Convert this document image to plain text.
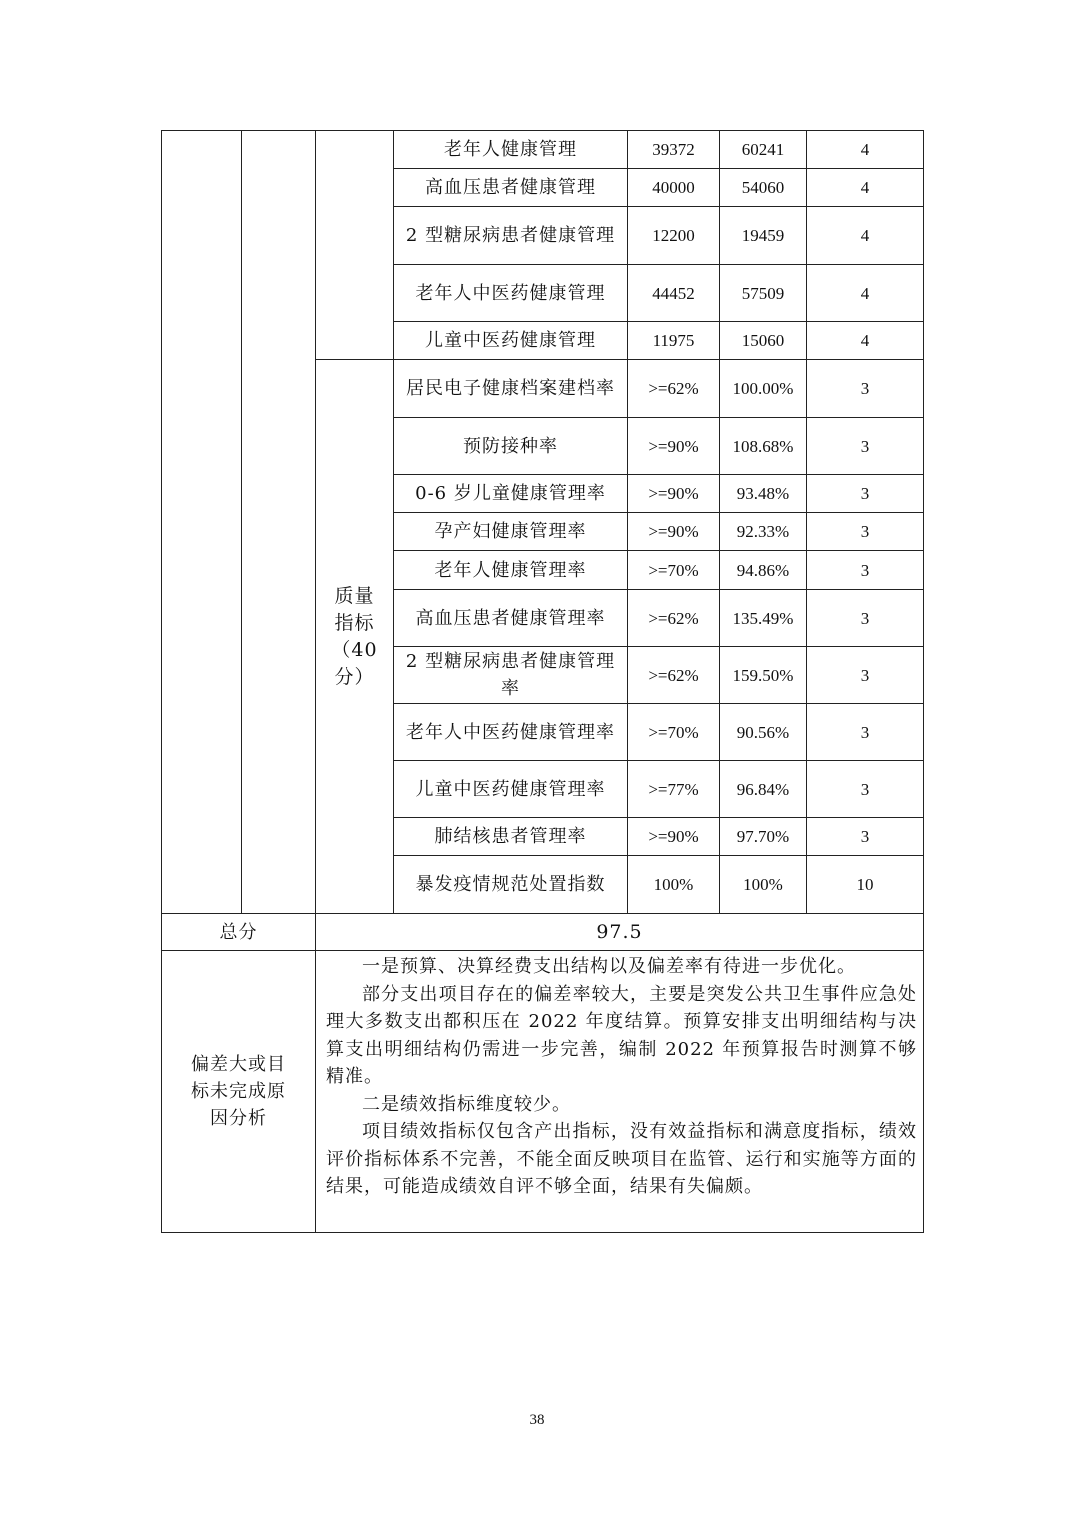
			老年人健康管理	39372	60241	4
			高血压患者健康管理	40000	54060	4
			2 型糖尿病患者健康管理	12200	19459	4
			老年人中医药健康管理	44452	57509	4
			儿童中医药健康管理	11975	15060	4
		质量指标（40分）	居民电子健康档案建档率	>=62%	100.00%	3
			预防接种率	>=90%	108.68%	3
			0-6 岁儿童健康管理率	>=90%	93.48%	3
			孕产妇健康管理率	>=90%	92.33%	3
			老年人健康管理率	>=70%	94.86%	3
			高血压患者健康管理率	>=62%	135.49%	3
			2 型糖尿病患者健康管理率	>=62%	159.50%	3
			老年人中医药健康管理率	>=70%	90.56%	3
			儿童中医药健康管理率	>=77%	96.84%	3
			肺结核患者管理率	>=90%	97.70%	3
			暴发疫情规范处置指数	100%	100%	10
总分		97.5				
偏差大或目标未完成原因分析		一是预算、决算经费支出结构以及偏差率有待进一步优化。

部分支出项目存在的偏差率较大，主要是突发公共卫生事件应急处理大多数支出都积压在 2022 年度结算。预算安排支出明细结构与决算支出明细结构仍需进一步完善，编制 2022 年预算报告时测算不够精准。

二是绩效指标维度较少。

项目绩效指标仅包含产出指标，没有效益指标和满意度指标，绩效评价指标体系不完善，不能全面反映项目在监管、运行和实施等方面的结果，可能造成绩效自评不够全面，结果有失偏颇。				

38
